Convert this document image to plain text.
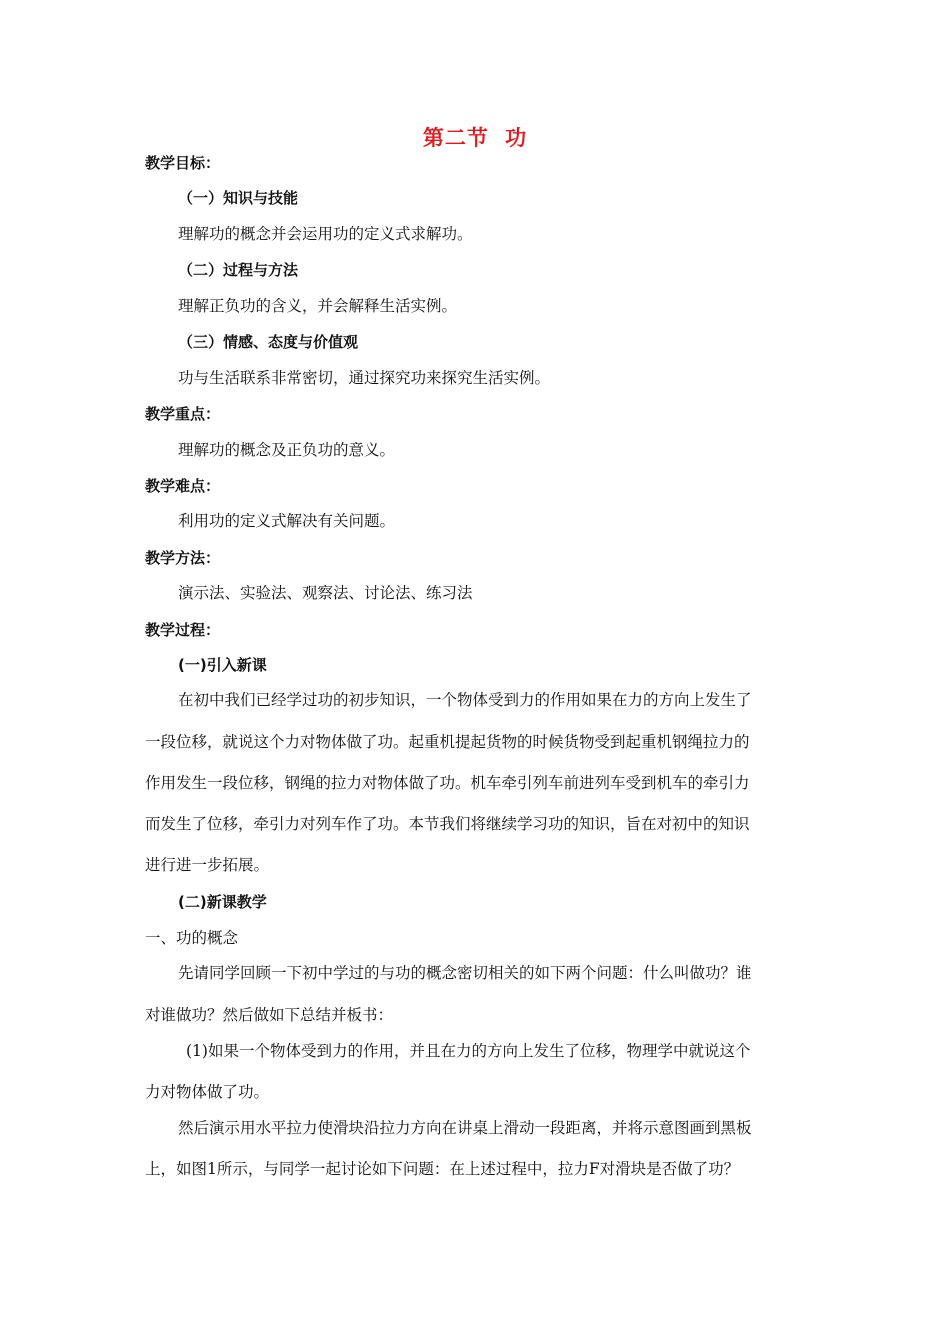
第二节 功
教学目标：
（一）知识与技能
理解功的概念并会运用功的定义式求解功。
（二）过程与方法
理解正负功的含义，并会解释生活实例。
（三）情感、态度与价值观
功与生活联系非常密切，通过探究功来探究生活实例。
教学重点：
理解功的概念及正负功的意义。
教学难点：
利用功的定义式解决有关问题。
教学方法：
演示法、实验法、观察法、讨论法、练习法
教学过程：
(一)引入新课
在初中我们已经学过功的初步知识，一个物体受到力的作用如果在力的方向上发生了
一段位移，就说这个力对物体做了功。起重机提起货物的时候货物受到起重机钢绳拉力的
作用发生一段位移，钢绳的拉力对物体做了功。机车牵引列车前进列车受到机车的牵引力
而发生了位移，牵引力对列车作了功。本节我们将继续学习功的知识，旨在对初中的知识
进行进一步拓展。
(二)新课教学
一、功的概念
先请同学回顾一下初中学过的与功的概念密切相关的如下两个问题：什么叫做功？谁
对谁做功？然后做如下总结并板书：
(1)如果一个物体受到力的作用，并且在力的方向上发生了位移，物理学中就说这个
力对物体做了功。
然后演示用水平拉力使滑块沿拉力方向在讲桌上滑动一段距离，并将示意图画到黑板
上，如图1所示，与同学一起讨论如下问题：在上述过程中，拉力F对滑块是否做了功？
